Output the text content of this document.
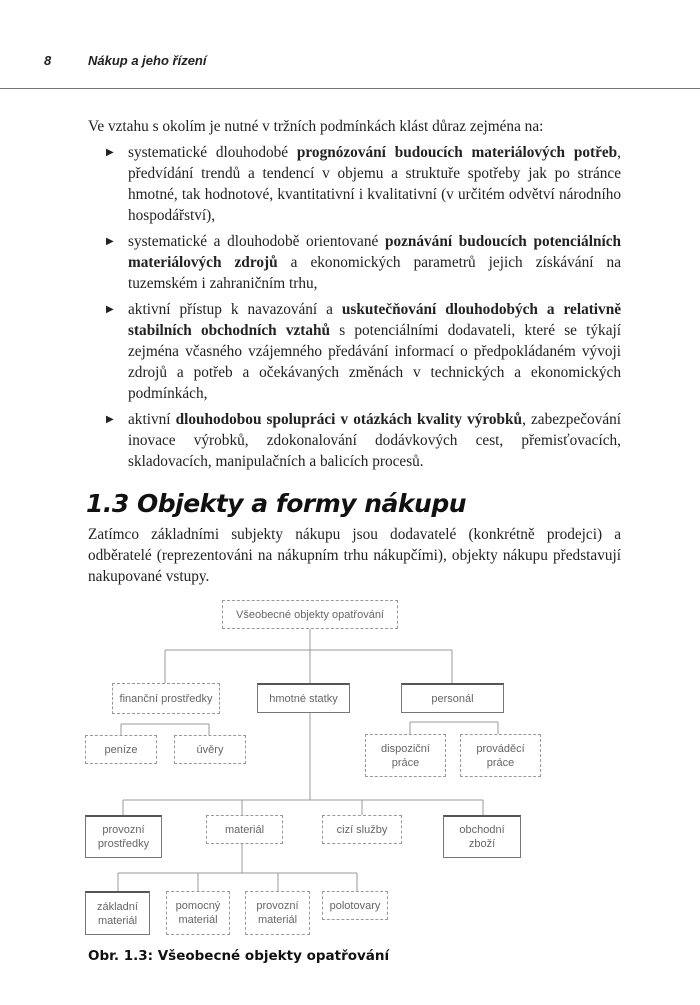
8	Nákup a jeho řízení
Ve vztahu s okolím je nutné v tržních podmínkách klást důraz zejména na:
▶ systematické dlouhodobé prognózování budoucích materiálových potřeb, předvídání trendů a tendencí v objemu a struktuře spotřeby jak po stránce hmotné, tak hodnotové, kvantitativní i kvalitativní (v určitém odvětví národního hospodářství),
▶ systematické a dlouhodobě orientované poznávání budoucích potenciálních materiálových zdrojů a ekonomických parametrů jejich získávání na tuzemském i zahraničním trhu,
▶ aktivní přístup k navazování a uskutečňování dlouhodobých a relativně stabilních obchodních vztahů s potenciálními dodavateli, které se týkají zejména včasného vzájemného předávání informací o předpokládaném vývoji zdrojů a potřeb a očekávaných změnách v technických a ekonomických podmínkách,
▶ aktivní dlouhodobou spolupráci v otázkách kvality výrobků, zabezpečování inovace výrobků, zdokonalování dodávkových cest, přemisťovacích, skladovacích, manipulačních a balicích procesů.
1.3 Objekty a formy nákupu
Zatímco základními subjekty nákupu jsou dodavatelé (konkrétně prodejci) a odběratelé (reprezentováni na nákupním trhu nákupčími), objekty nákupu představují nakupované vstupy.
Všeobecné objekty opatřování
finanční prostředky	hmotné statky	personál
peníze	úvěry	dispoziční práce
prováděcí práce
provozní prostředky
materiál	cizí služby	obchodní zboží
základní materiál
pomocný materiál
provozní materiál
polotovary
Obr. 1.3: Všeobecné objekty opatřování
